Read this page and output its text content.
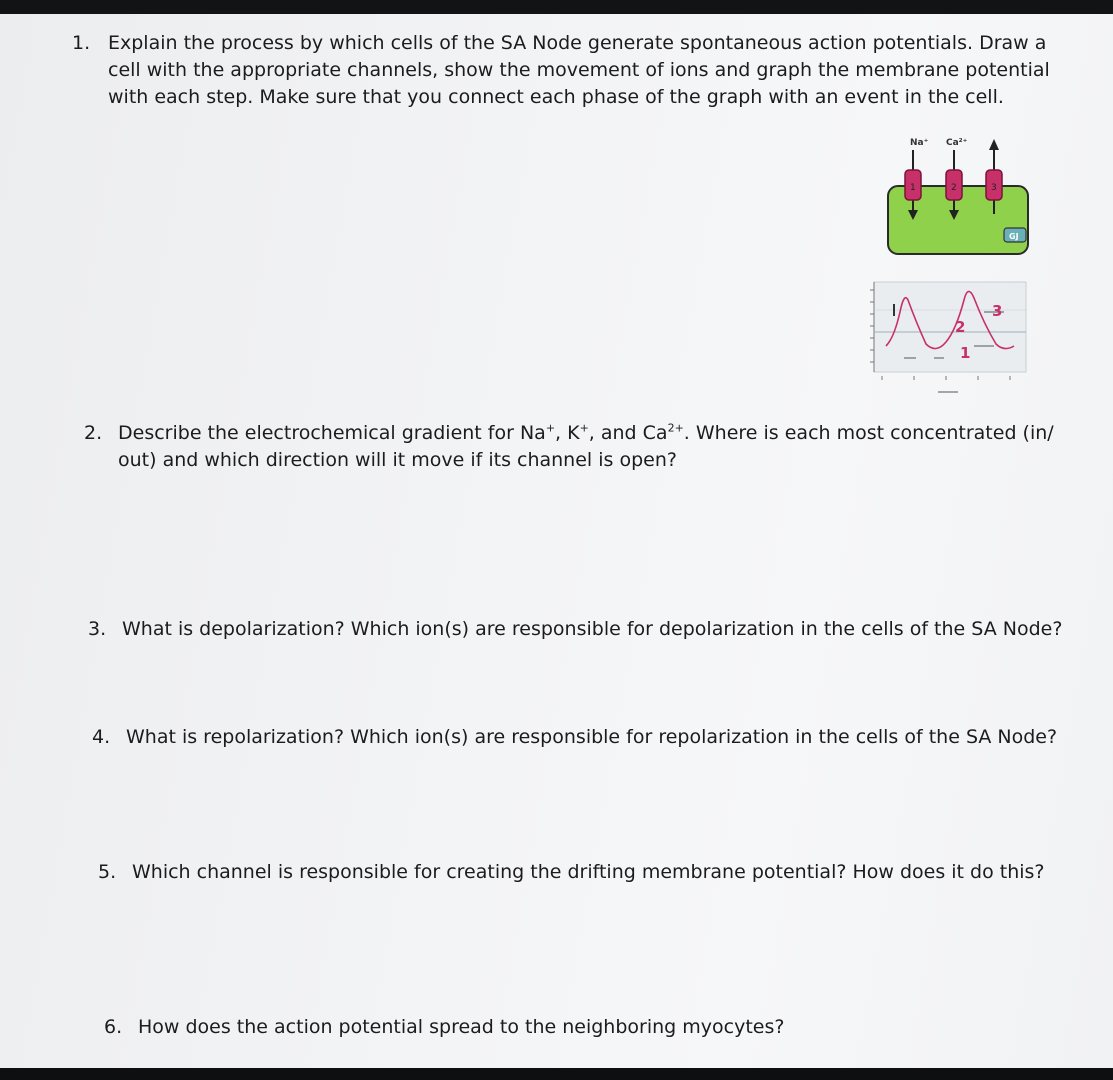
1. Explain the process by which cells of the SA Node generate spontaneous action potentials. Draw a cell with the appropriate channels, show the movement of ions and graph the membrane potential with each step. Make sure that you connect each phase of the graph with an event in the cell.
Na⁺ Ca²⁺
1	2	3
GJ
2
1
3
2. Describe the electrochemical gradient for Na+, K+, and $Ca^{2+}$. Where is each most concentrated (in/ out) and which direction will it move if its channel is open?
3. What is depolarization? Which ion(s) are responsible for depolarization in the cells of the SA Node?
4. What is repolarization? Which ion(s) are responsible for repolarization in the cells of the SA Node?
5. Which channel is responsible for creating the drifting membrane potential? How does it do this?
6. How does the action potential spread to the neighboring myocytes?
